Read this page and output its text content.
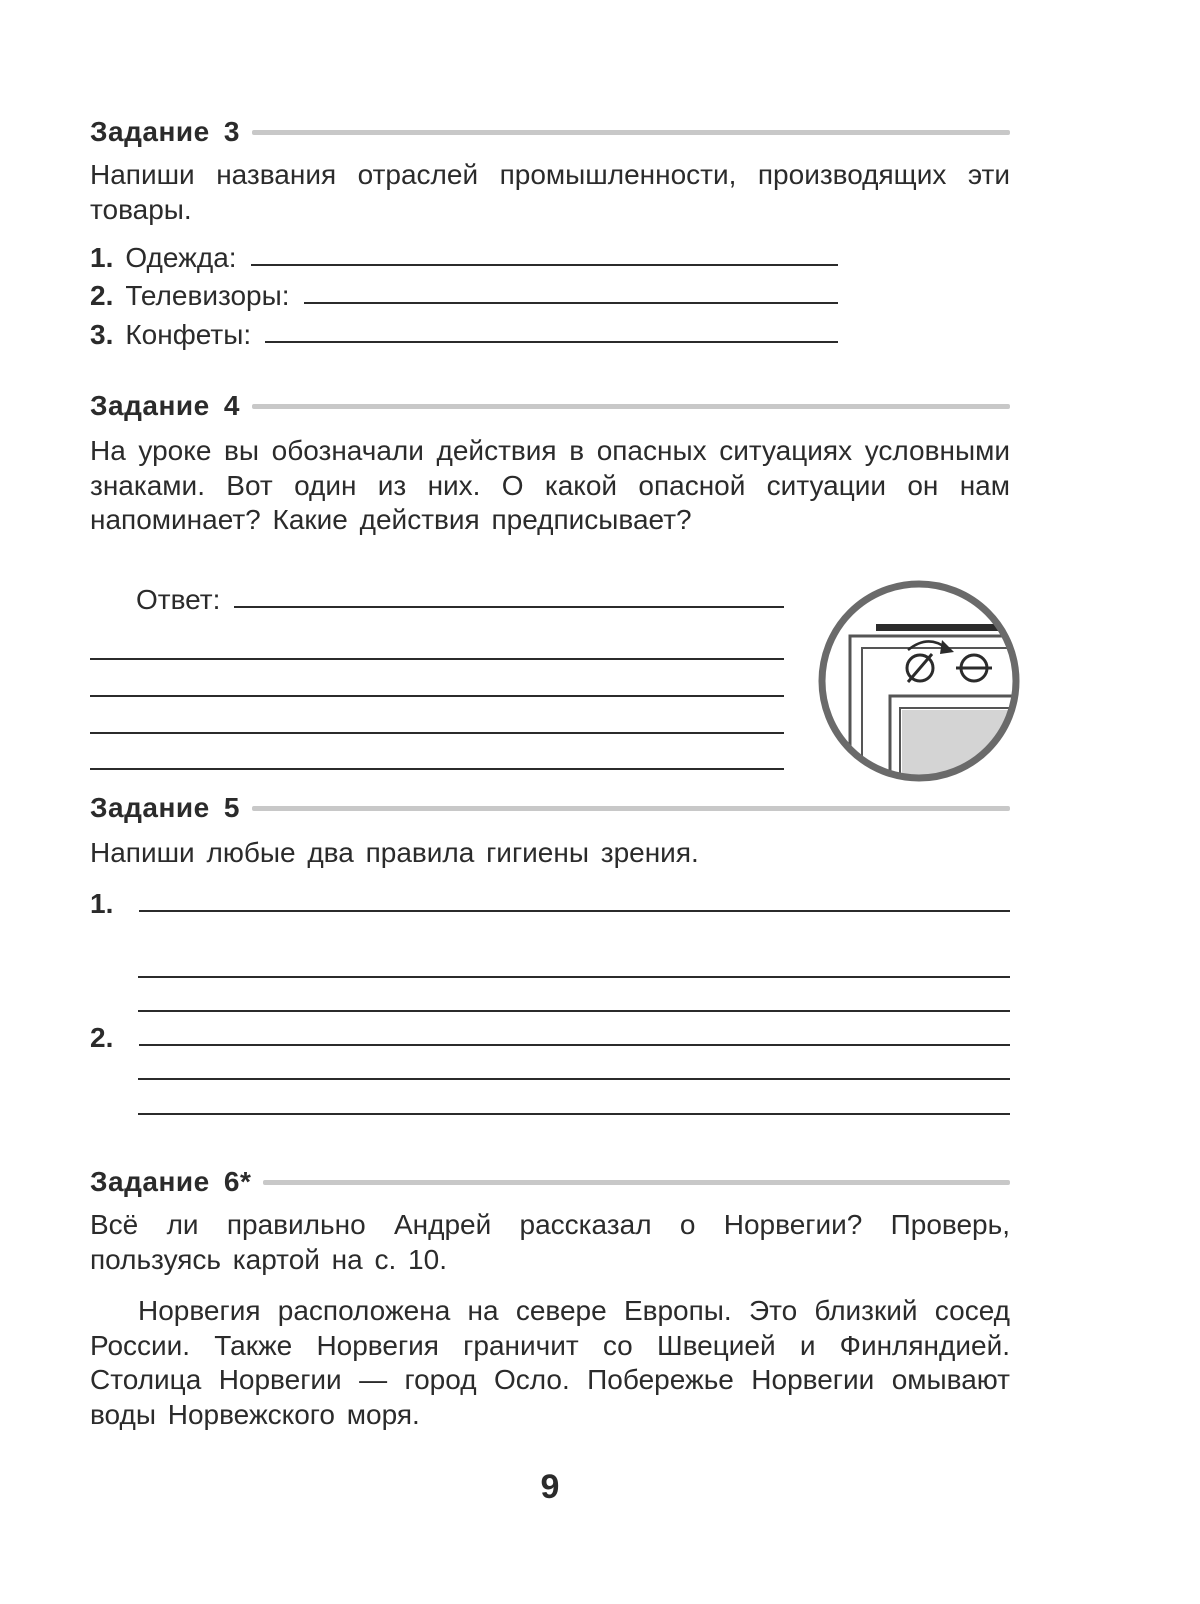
Задание 3
Напиши названия отраслей промышленности, производящих эти товары.
1. Одежда:
2. Телевизоры:
3. Конфеты:
Задание 4
На уроке вы обозначали действия в опасных ситуациях условными знаками. Вот один из них. О какой опасной ситуации он нам напоминает? Какие действия предписывает?
Ответ:
Задание 5
Напиши любые два правила гигиены зрения.
1.
2.
Задание 6*
Всё ли правильно Андрей рассказал о Норвегии? Проверь, пользуясь картой на с. 10.
Норвегия расположена на севере Европы. Это близкий сосед России. Также Норвегия граничит со Швецией и Финляндией. Столица Норвегии — город Осло. Побережье Норвегии омывают воды Норвежского моря.
9
